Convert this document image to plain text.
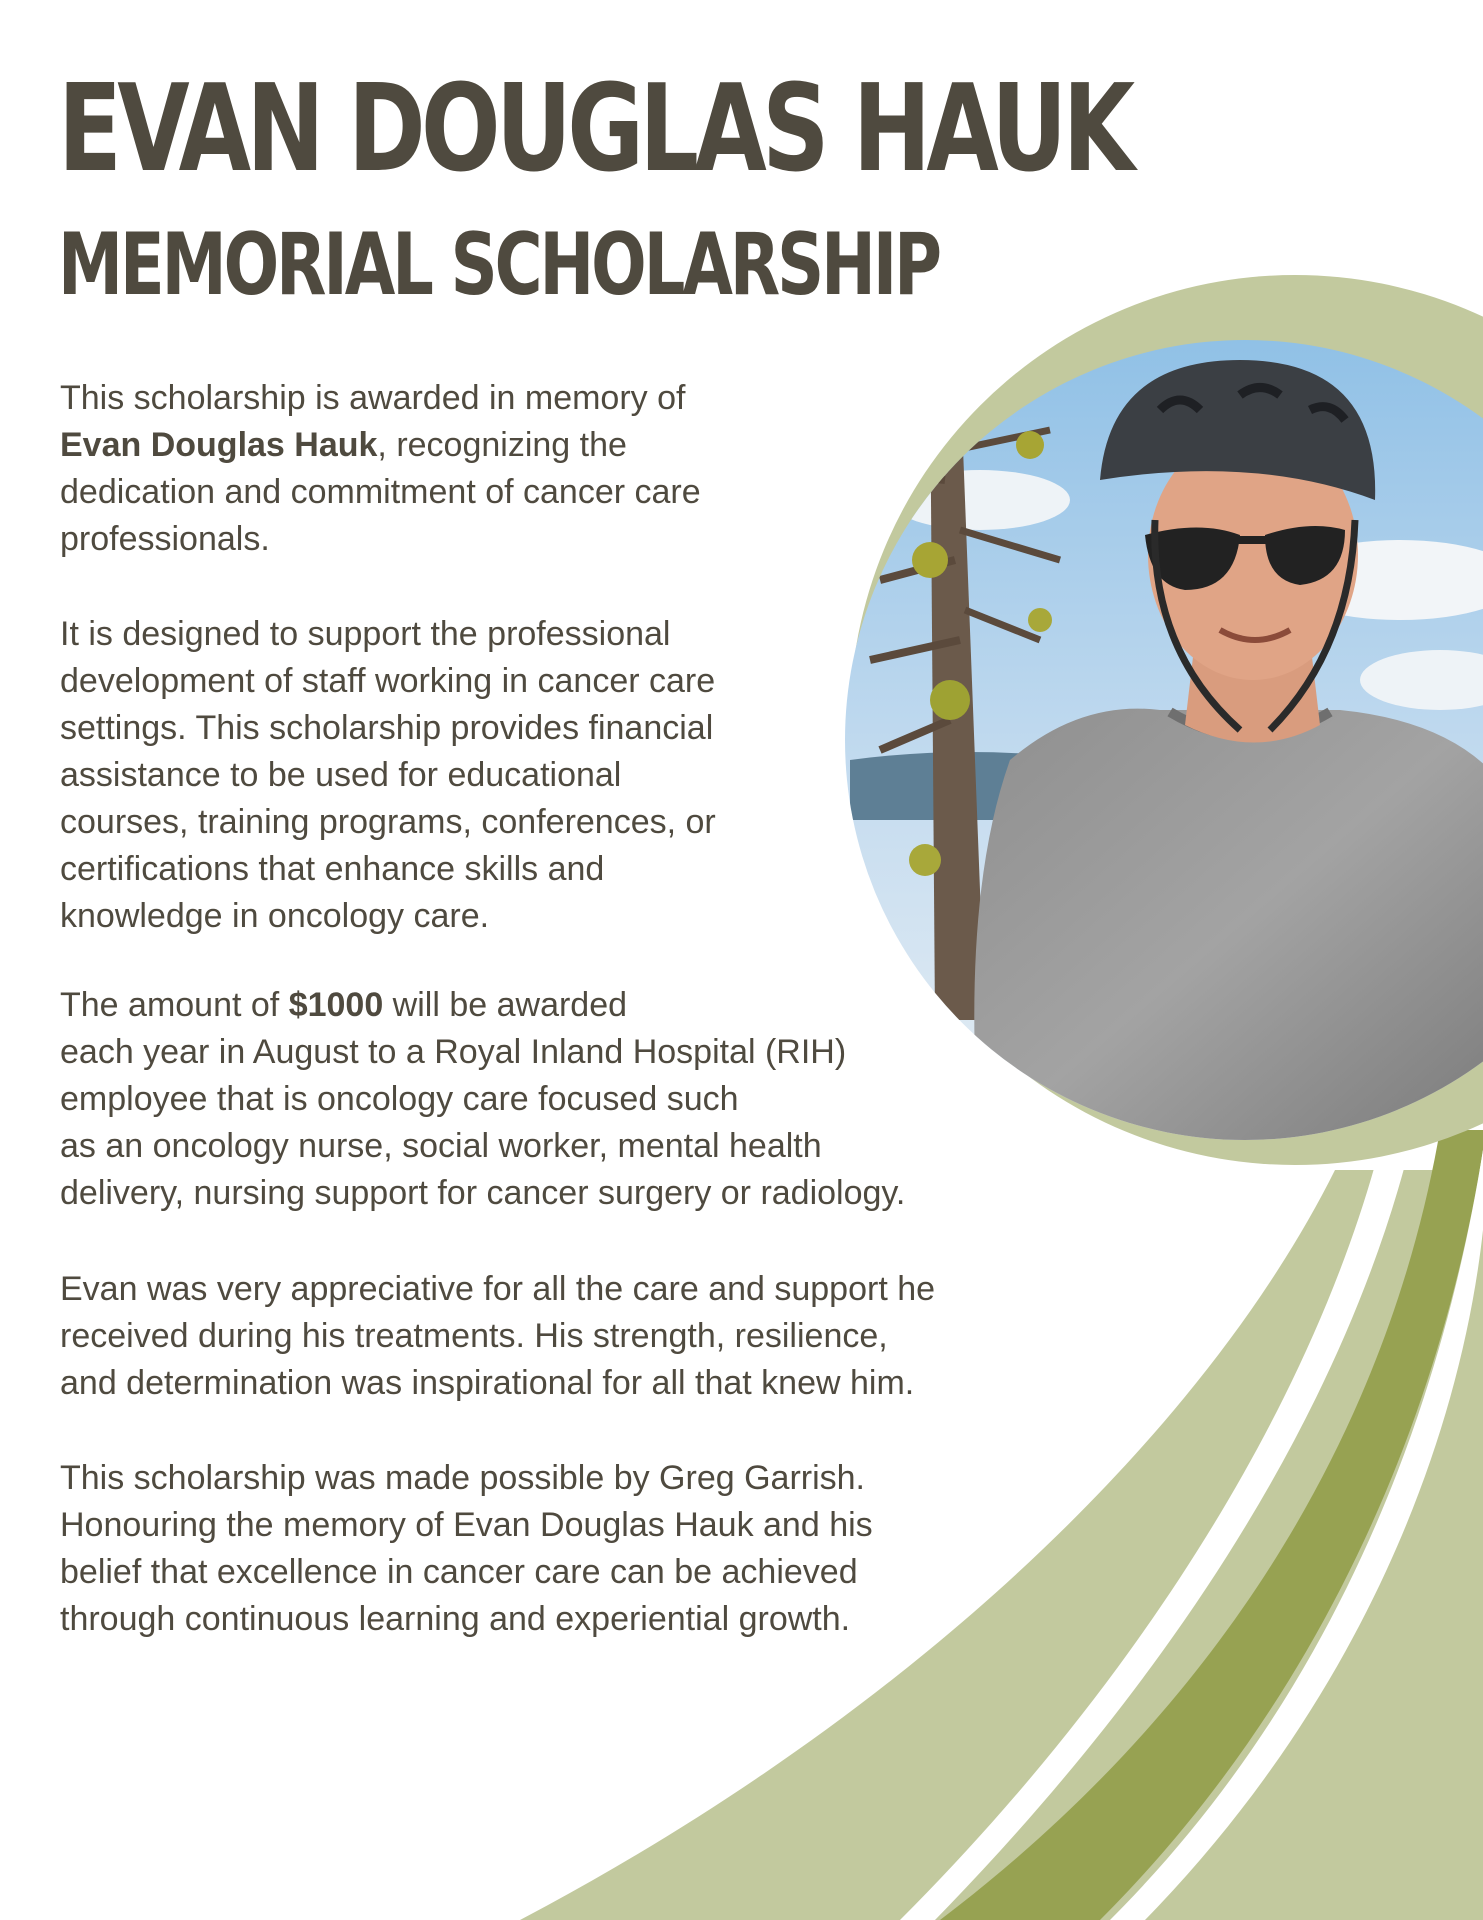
EVAN DOUGLAS HAUK
MEMORIAL SCHOLARSHIP

This scholarship is awarded in memory of
Evan Douglas Hauk, recognizing the
dedication and commitment of cancer care
professionals.

It is designed to support the professional
development of staff working in cancer care
settings. This scholarship provides financial
assistance to be used for educational
courses, training programs, conferences, or
certifications that enhance skills and
knowledge in oncology care.

The amount of $1000 will be awarded
each year in August to a Royal Inland Hospital (RIH)
employee that is oncology care focused such
as an oncology nurse, social worker, mental health
delivery, nursing support for cancer surgery or radiology.

Evan was very appreciative for all the care and support he
received during his treatments. His strength, resilience,
and determination was inspirational for all that knew him.

This scholarship was made possible by Greg Garrish.
Honouring the memory of Evan Douglas Hauk and his
belief that excellence in cancer care can be achieved
through continuous learning and experiential growth.
